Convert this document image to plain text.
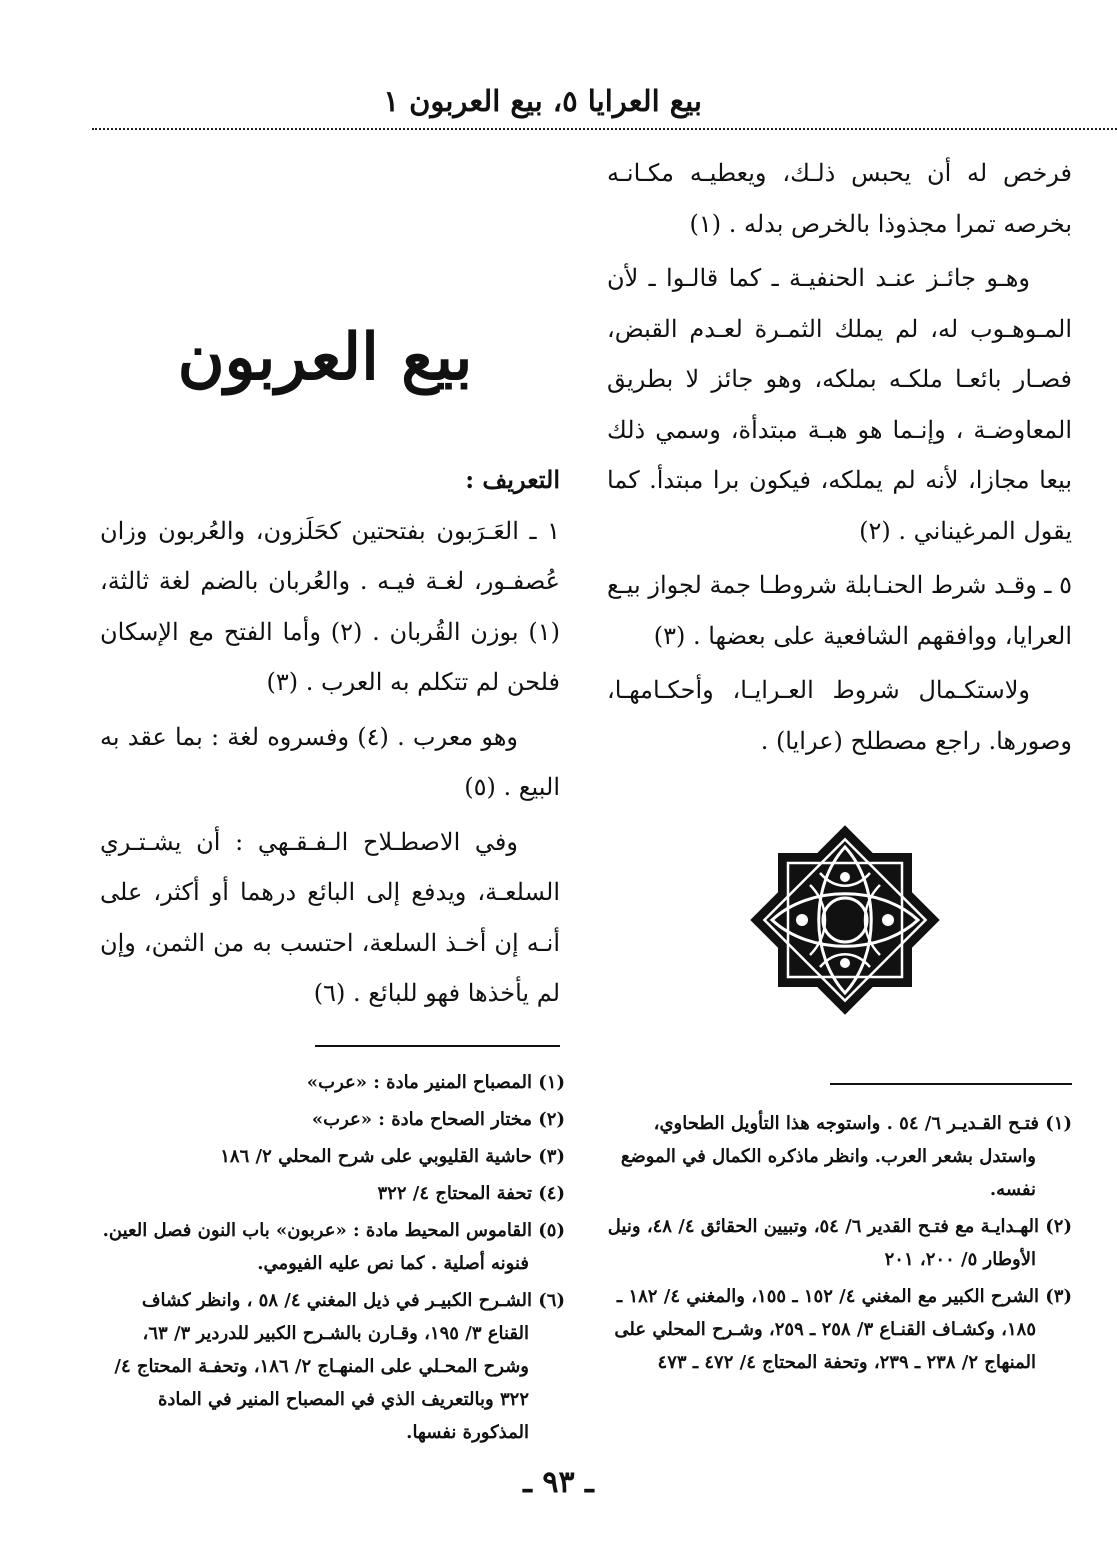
بيع العرايا ٥، بيع العربون ١

فرخص له أن يحبس ذلـك، ويعطيـه مكـانـه بخرصه تمرا مجذوذا بالخرص بدله . (١)

وهـو جائـز عنـد الحنفيـة ـ كما قالـوا ـ لأن المـوهـوب له، لم يملك الثمـرة لعـدم القبض، فصـار بائعـا ملكـه بملكه، وهو جائز لا بطريق المعاوضـة ، وإنـما هو هبـة مبتدأة، وسمي ذلك بيعا مجازا، لأنه لم يملكه، فيكون برا مبتدأ. كما يقول المرغيناني . (٢)

٥ ـ وقـد شرط الحنـابلة شروطـا جمة لجواز بيـع العرايا، ووافقهم الشافعية على بعضها . (٣)

ولاستكـمال شروط العـرايـا، وأحكـامهـا، وصورها. راجع مصطلح (عرايا) .

بيع العربون

التعريف :

١ ـ العَـرَبون بفتحتين كحَلَزون، والعُربون وزان عُصفـور، لغـة فيـه . والعُربان بالضم لغة ثالثة، (١) بوزن القُربان . (٢) وأما الفتح مع الإسكان فلحن لم تتكلم به العرب . (٣)

وهو معرب . (٤) وفسروه لغة : بما عقد به البيع . (٥)

وفي الاصطـلاح الـفـقـهي : أن يشـتـري السلعـة، ويدفع إلى البائع درهما أو أكثر، على أنـه إن أخـذ السلعة، احتسب به من الثمن، وإن لم يأخذها فهو للبائع . (٦)

(١) المصباح المنير مادة : «عرب»

(٢) مختار الصحاح مادة : «عرب»

(٣) حاشية القليوبي على شرح المحلي ٢/ ١٨٦

(٤) تحفة المحتاج ٤/ ٣٢٢

(٥) القاموس المحيط مادة : «عربون» باب النون فصل العين. فنونه أصلية . كما نص عليه الفيومي.

(٦) الشـرح الكبيـر في ذيل المغني ٤/ ٥٨ ، وانظر كشاف القناع ٣/ ١٩٥، وقـارن بالشـرح الكبير للدردير ٣/ ٦٣، وشرح المحـلي على المنهـاج ٢/ ١٨٦، وتحفـة المحتاج ٤/ ٣٢٢ وبالتعريف الذي في المصباح المنير في المادة المذكورة نفسها.

(١) فتـح القـديـر ٦/ ٥٤ . واستوجه هذا التأويل الطحاوي، واستدل بشعر العرب. وانظر ماذكره الكمال في الموضع نفسه.

(٢) الهـدايـة مع فتـح القدير ٦/ ٥٤، وتبيين الحقائق ٤/ ٤٨، ونيل الأوطار ٥/ ٢٠٠، ٢٠١

(٣) الشرح الكبير مع المغني ٤/ ١٥٢ ـ ١٥٥، والمغني ٤/ ١٨٢ ـ ١٨٥، وكشـاف القنـاع ٣/ ٢٥٨ ـ ٢٥٩، وشـرح المحلي على المنهاج ٢/ ٢٣٨ ـ ٢٣٩، وتحفة المحتاج ٤/ ٤٧٢ ـ ٤٧٣

ـ ٩٣ ـ
